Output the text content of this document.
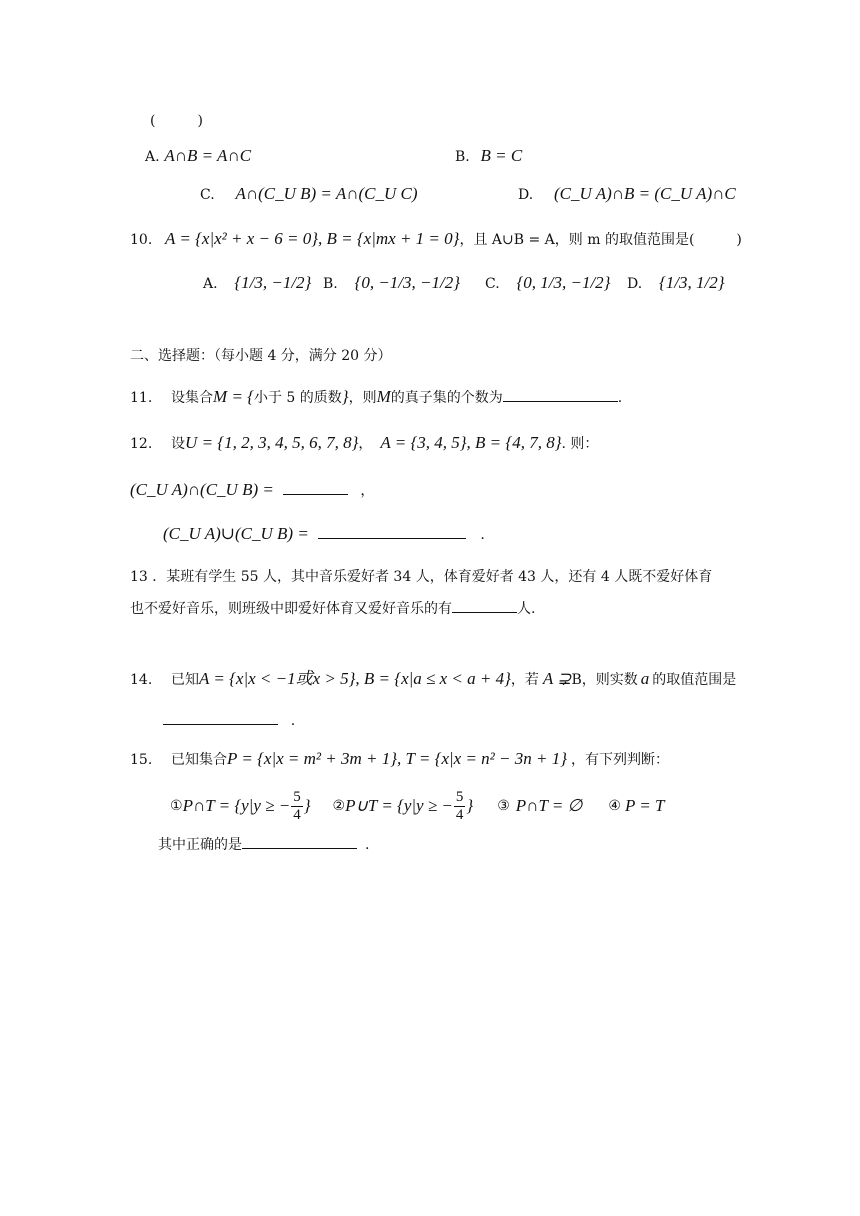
(　　　)
A. A∩B = A∩C	B. B = C
C. A∩(C_U B) = A∩(C_U C)	D. (C_U A)∩B = (C_U A)∩C
10. A = {x|x² + x − 6 = 0}, B = {x|mx + 1 = 0}，且 A∪B = A，则 m 的取值范围是(　　　)
A. {1/3, −1/2} B. {0, −1/3, −1/2} C. {0, 1/3, −1/2} D. {1/3, 1/2}
二、选择题：（每小题 4 分，满分 20 分）
11. 设集合M = {小于 5 的质数}，则M的真子集的个数为	.
12. 设U = {1, 2, 3, 4, 5, 6, 7, 8}， A = {3, 4, 5}, B = {4, 7, 8}. 则：
(C_U A)∩(C_U B) =	，
(C_U A)∪(C_U B) =	.
13 ．某班有学生 55 人，其中音乐爱好者 34 人，体育爱好者 43 人，还有 4 人既不爱好体育
也不爱好音乐，则班级中即爱好体育又爱好音乐的有	人.
14. 已知A = {x|x < −1或x > 5}, B = {x|a ≤ x < a + 4}，若 A ⊋B，则实数 a 的取值范围是
.
15. 已知集合P = {x|x = m² + 3m + 1}, T = {x|x = n² − 3n + 1} ，有下列判断：
① P∩T = {y|y ≥ − $\frac{5}{4}$ } ② P∪T = {y|y ≥ − $\frac{5}{4}$ } ③ P∩T = ∅ ④ P = T
其中正确的是	.
